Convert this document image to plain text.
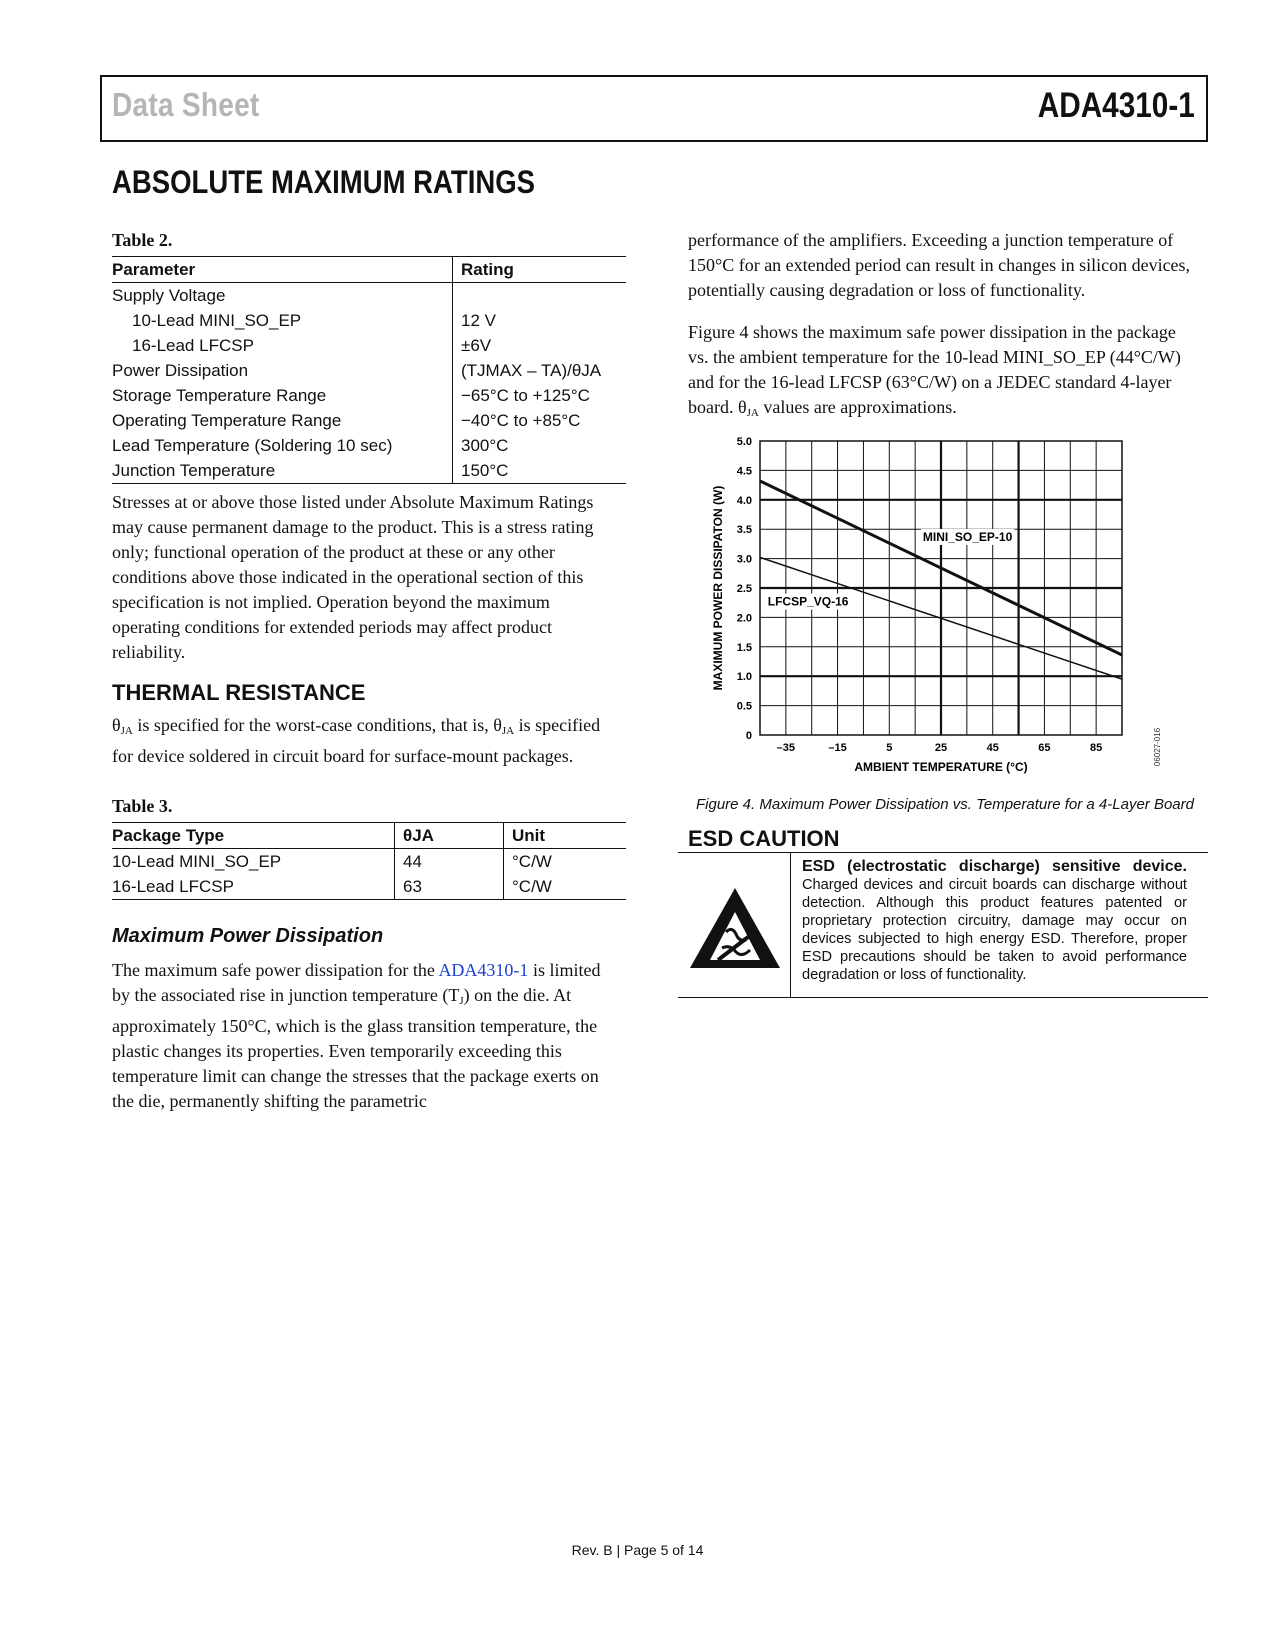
Data Sheet	ADA4310-1
ABSOLUTE MAXIMUM RATINGS
Table 2.
Parameter	Rating
Supply Voltage	
10-Lead MINI_SO_EP	12 V
16-Lead LFCSP	±6V
Power Dissipation	(TJMAX – TA)/θJA
Storage Temperature Range	−65°C to +125°C
Operating Temperature Range	−40°C to +85°C
Lead Temperature (Soldering 10 sec)	300°C
Junction Temperature	150°C
Stresses at or above those listed under Absolute Maximum Ratings may cause permanent damage to the product. This is a stress rating only; functional operation of the product at these or any other conditions above those indicated in the operational section of this specification is not implied. Operation beyond the maximum operating conditions for extended periods may affect product reliability.
THERMAL RESISTANCE
$\theta_{JA}$ is specified for the worst-case conditions, that is, $\theta_{JA}$ is specified for device soldered in circuit board for surface-mount packages.
Table 3.
Package Type	θJA	Unit
10-Lead MINI_SO_EP	44	°C/W
16-Lead LFCSP	63	°C/W
Maximum Power Dissipation
The maximum safe power dissipation for the ADA4310-1 is limited by the associated rise in junction temperature $(T_J)$ on the die. At approximately 150°C, which is the glass transition temperature, the plastic changes its properties. Even temporarily exceeding this temperature limit can change the stresses that the package exerts on the die, permanently shifting the parametric
performance of the amplifiers. Exceeding a junction temperature of 150°C for an extended period can result in changes in silicon devices, potentially causing degradation or loss of functionality.
Figure 4 shows the maximum safe power dissipation in the package vs. the ambient temperature for the 10-lead MINI_SO_EP (44°C/W) and for the 16-lead LFCSP (63°C/W) on a JEDEC standard 4-layer board. $\theta_{JA}$ values are approximations.
MINI_SO_EP-10
LFCSP_VQ-16
0
0.5
1.0
1.5
2.0
2.5
3.0
3.5
4.0
4.5
5.0
–35	–15	5	25	45	65	85
AMBIENT TEMPERATURE (°C)
MAXIMUM POWER DISSIPATON (W)
06027-016
Figure 4. Maximum Power Dissipation vs. Temperature for a 4-Layer Board
ESD CAUTION
ESD (electrostatic discharge) sensitive device. Charged devices and circuit boards can discharge without detection. Although this product features patented or proprietary protection circuitry, damage may occur on devices subjected to high energy ESD. Therefore, proper ESD precautions should be taken to avoid performance degradation or loss of functionality.
Rev. B | Page 5 of 14
